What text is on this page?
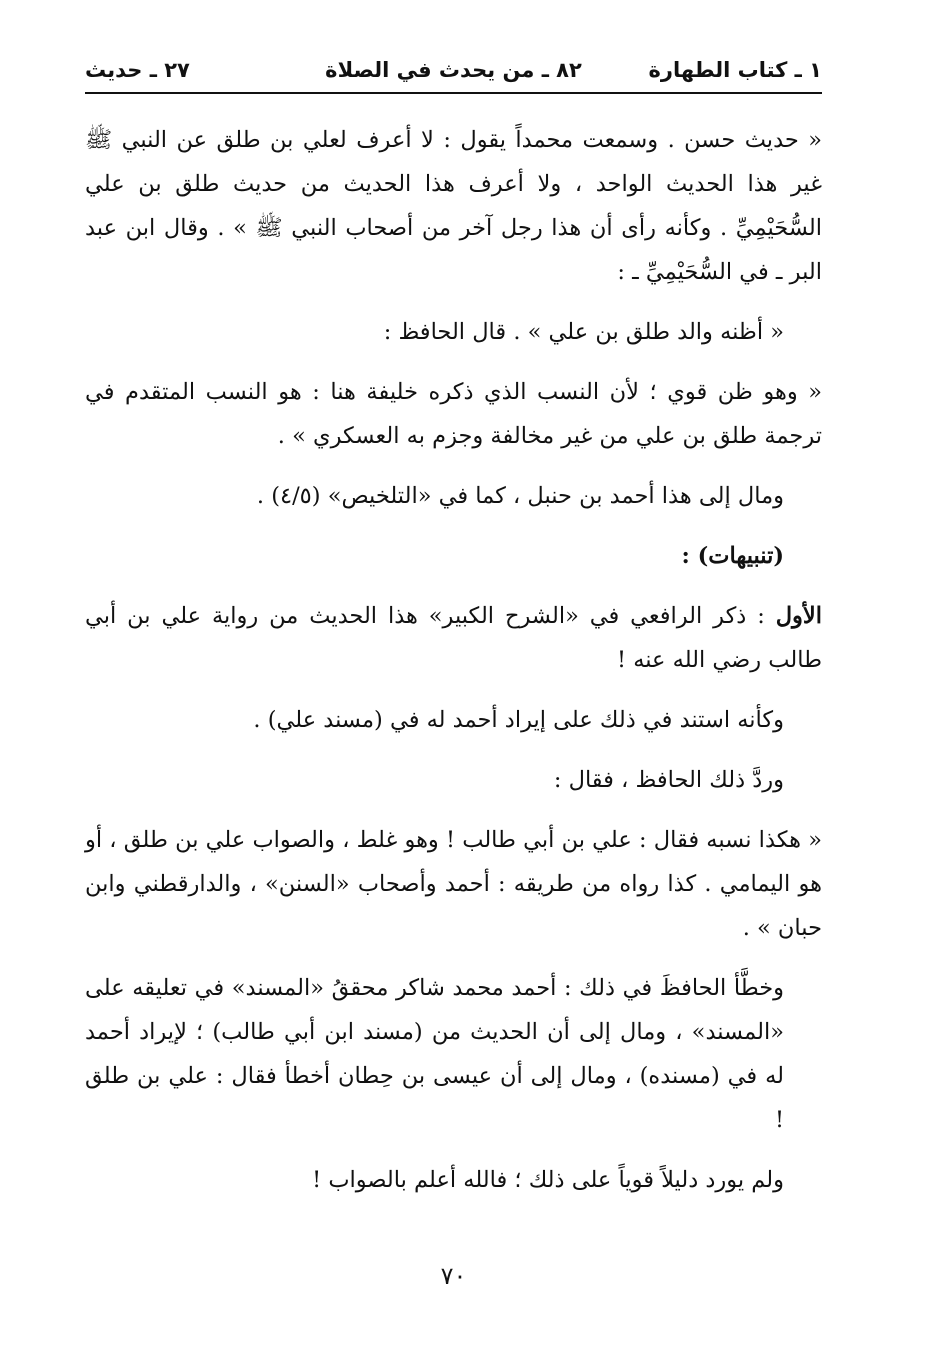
١ ـ كتاب الطهارة
٨٢ ـ من يحدث في الصلاة
٢٧ ـ حديث

« حديث حسن . وسمعت محمداً يقول : لا أعرف لعلي بن طلق عن النبي ﷺ غير هذا الحديث الواحد ، ولا أعرف هذا الحديث من حديث طلق بن علي السُّحَيْمِيِّ . وكأنه رأى أن هذا رجل آخر من أصحاب النبي ﷺ » . وقال ابن عبد البر ـ في السُّحَيْمِيِّ ـ :

« أظنه والد طلق بن علي » . قال الحافظ :

« وهو ظن قوي ؛ لأن النسب الذي ذكره خليفة هنا : هو النسب المتقدم في ترجمة طلق بن علي من غير مخالفة وجزم به العسكري » .

ومال إلى هذا أحمد بن حنبل ، كما في «التلخيص» (٤/٥) .

(تنبيهات) :

الأول : ذكر الرافعي في «الشرح الكبير» هذا الحديث من رواية علي بن أبي طالب رضي الله عنه !

وكأنه استند في ذلك على إيراد أحمد له في (مسند علي) .

وردَّ ذلك الحافظ ، فقال :

« هكذا نسبه فقال : علي بن أبي طالب ! وهو غلط ، والصواب علي بن طلق ، أو هو اليمامي . كذا رواه من طريقه : أحمد وأصحاب «السنن» ، والدارقطني وابن حبان » .

وخطَّأ الحافظَ في ذلك : أحمد محمد شاكر محققُ «المسند» في تعليقه على «المسند» ، ومال إلى أن الحديث من (مسند ابن أبي طالب) ؛ لإيراد أحمد له في (مسنده) ، ومال إلى أن عيسى بن حِطان أخطأ فقال : علي بن طلق !

ولم يورد دليلاً قوياً على ذلك ؛ فالله أعلم بالصواب !

٧٠
